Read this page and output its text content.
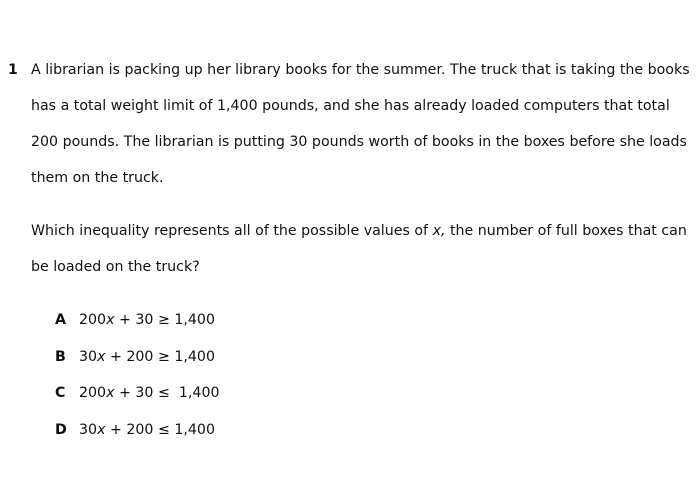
1 A librarian is packing up her library books for the summer. The truck that is taking the books has a total weight limit of 1,400 pounds, and she has already loaded computers that total 200 pounds. The librarian is putting 30 pounds worth of books in the boxes before she loads them on the truck.

Which inequality represents all of the possible values of x, the number of full boxes that can be loaded on the truck?

A 200x + 30 ≥ 1,400
B 30x + 200 ≥ 1,400
C 200x + 30 ≤  1,400
D 30x + 200 ≤ 1,400
